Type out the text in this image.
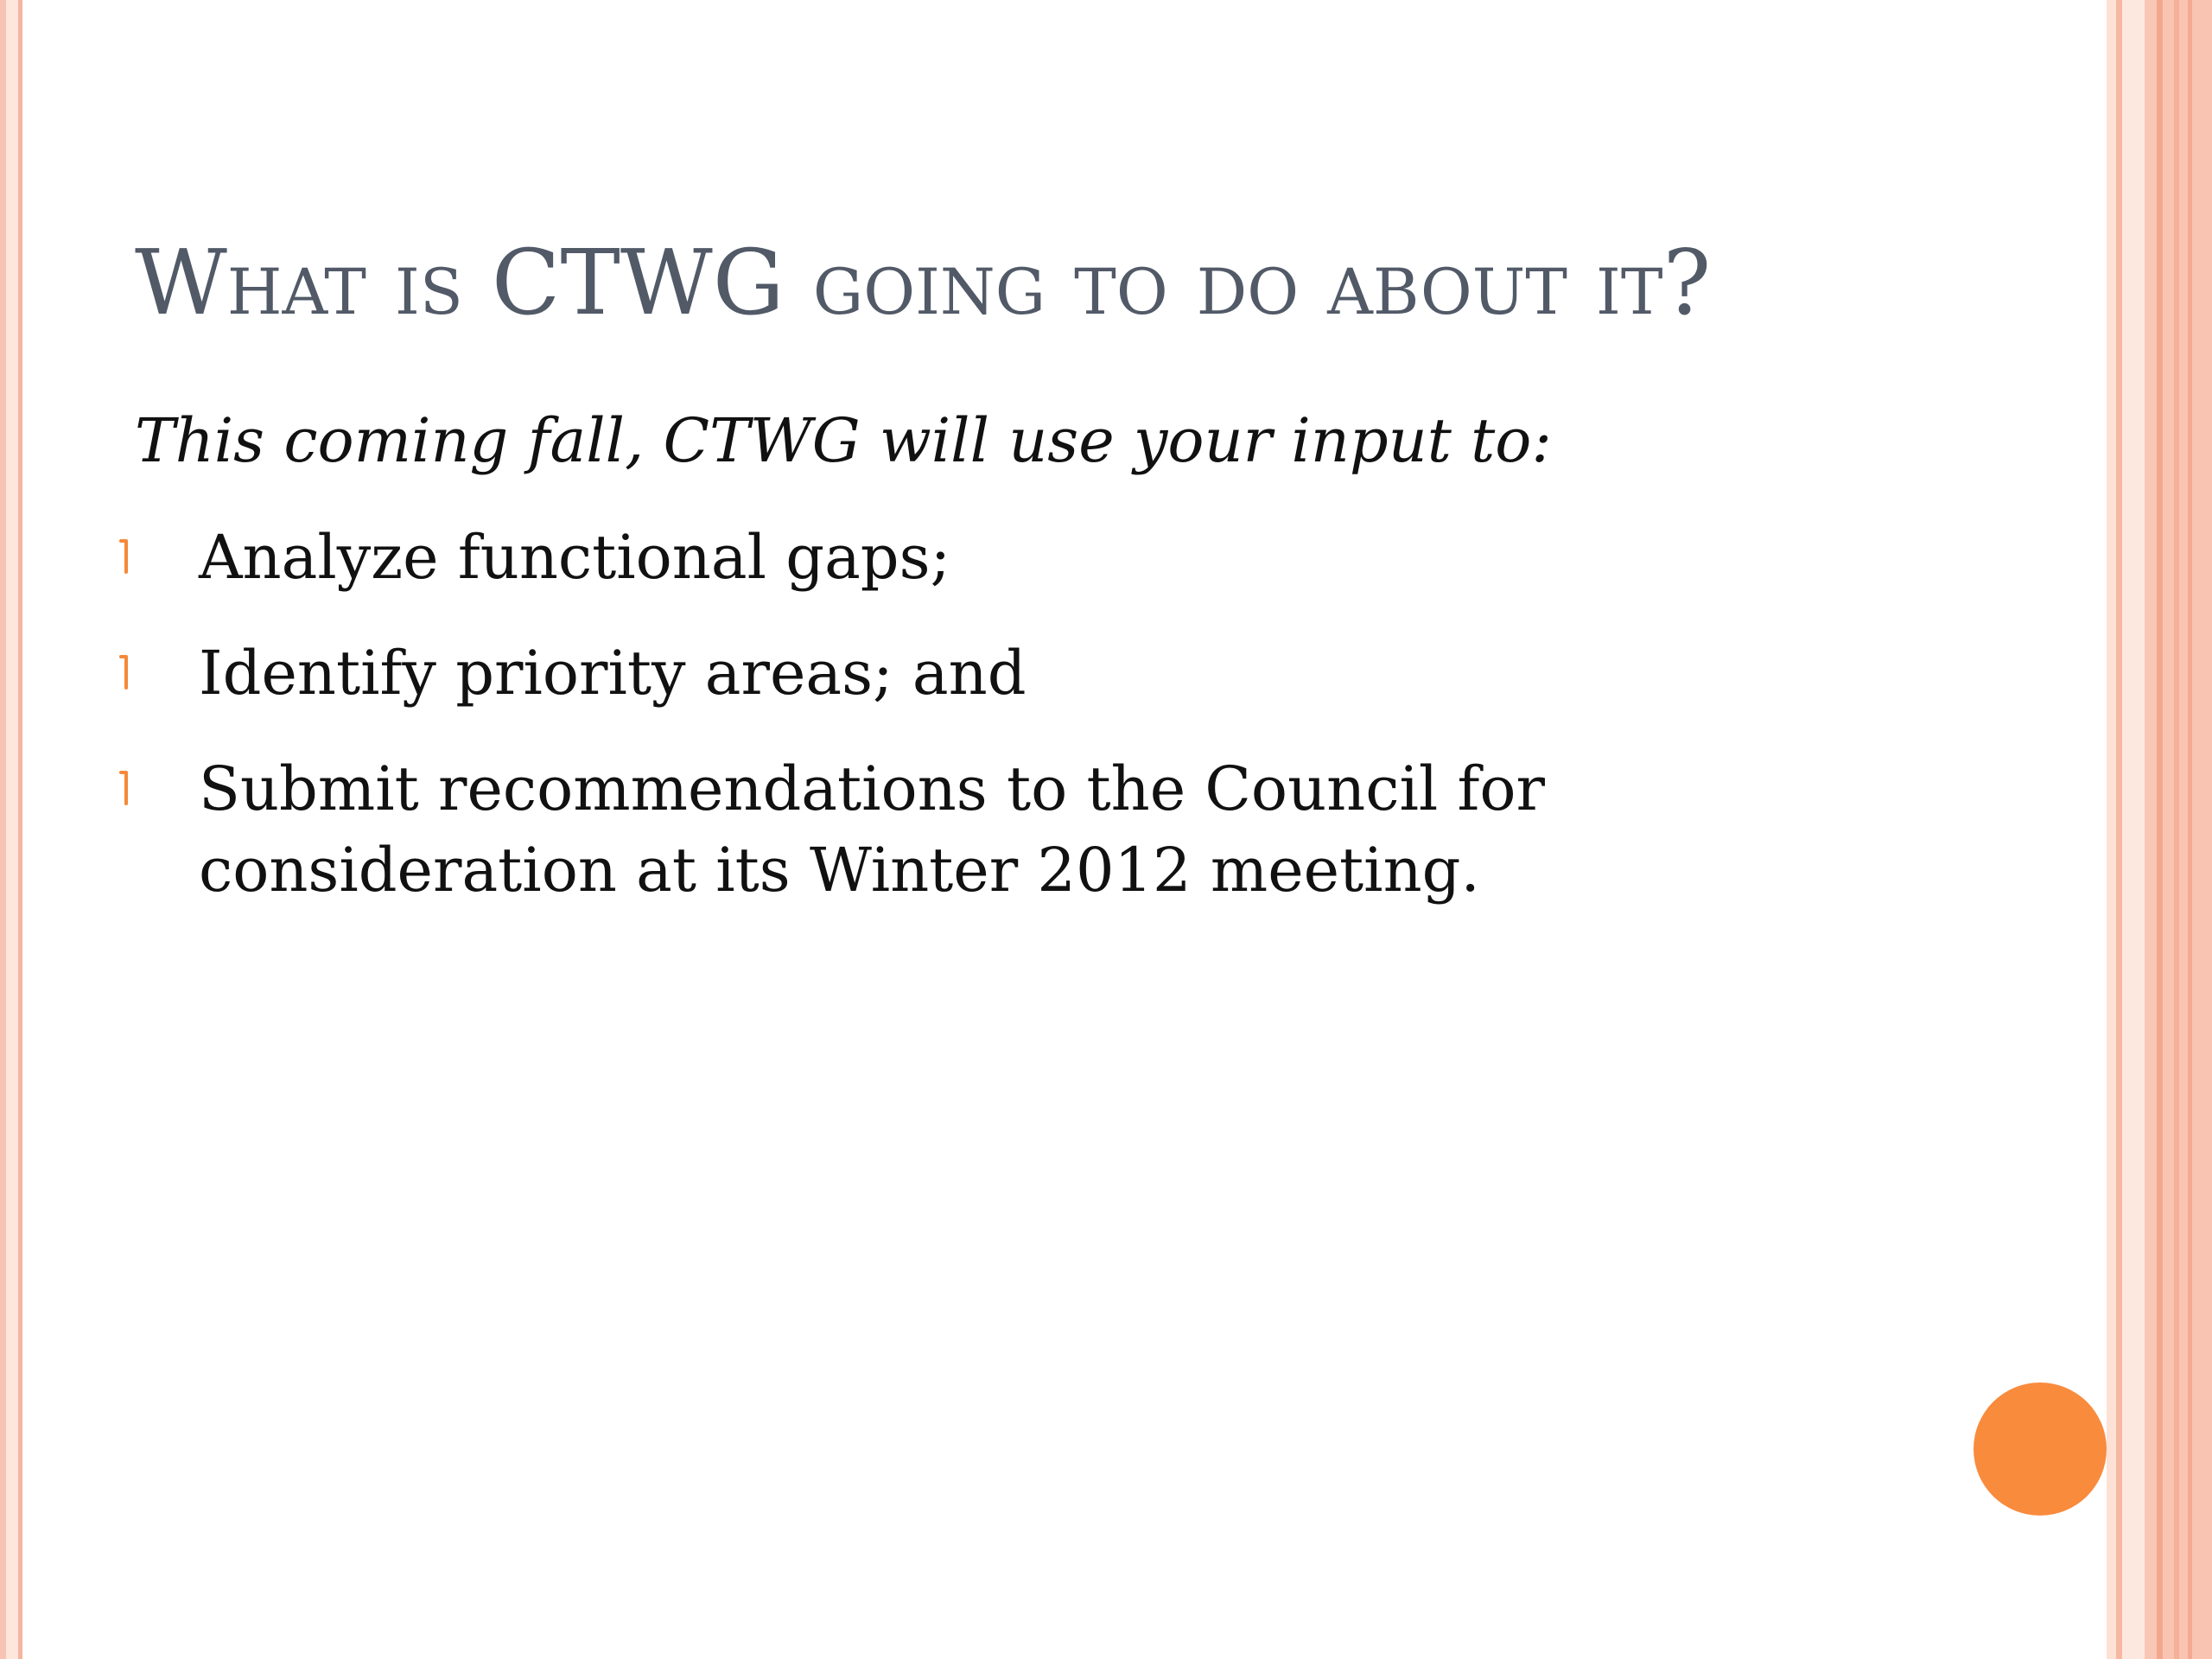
What is CTWG going to do about it?

This coming fall, CTWG will use your input to:

Analyze functional gaps;
Identify priority areas; and
Submit recommendations to the Council for consideration at its Winter 2012 meeting.
